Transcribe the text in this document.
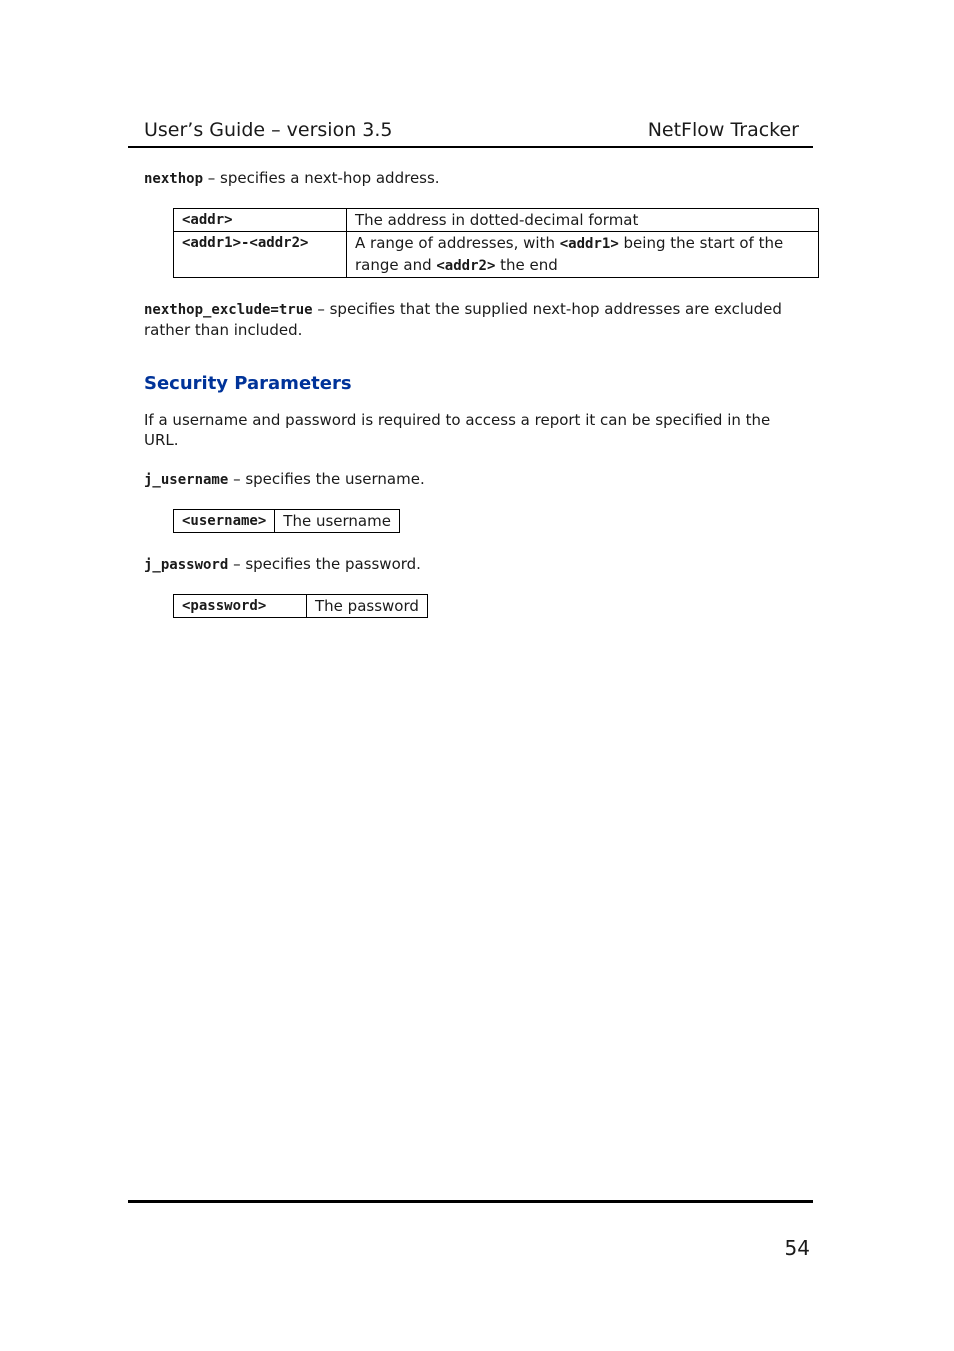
User’s Guide – version 3.5	NetFlow Tracker

nexthop – specifies a next-hop address.

<addr>	The address in dotted-decimal format
<addr1>-<addr2>	A range of addresses, with <addr1> being the start of the range and <addr2> the end

nexthop_exclude=true – specifies that the supplied next-hop addresses are excluded rather than included.

Security Parameters

If a username and password is required to access a report it can be specified in the URL.

j_username – specifies the username.

<username>	The username

j_password – specifies the password.

<password>	The password
54
